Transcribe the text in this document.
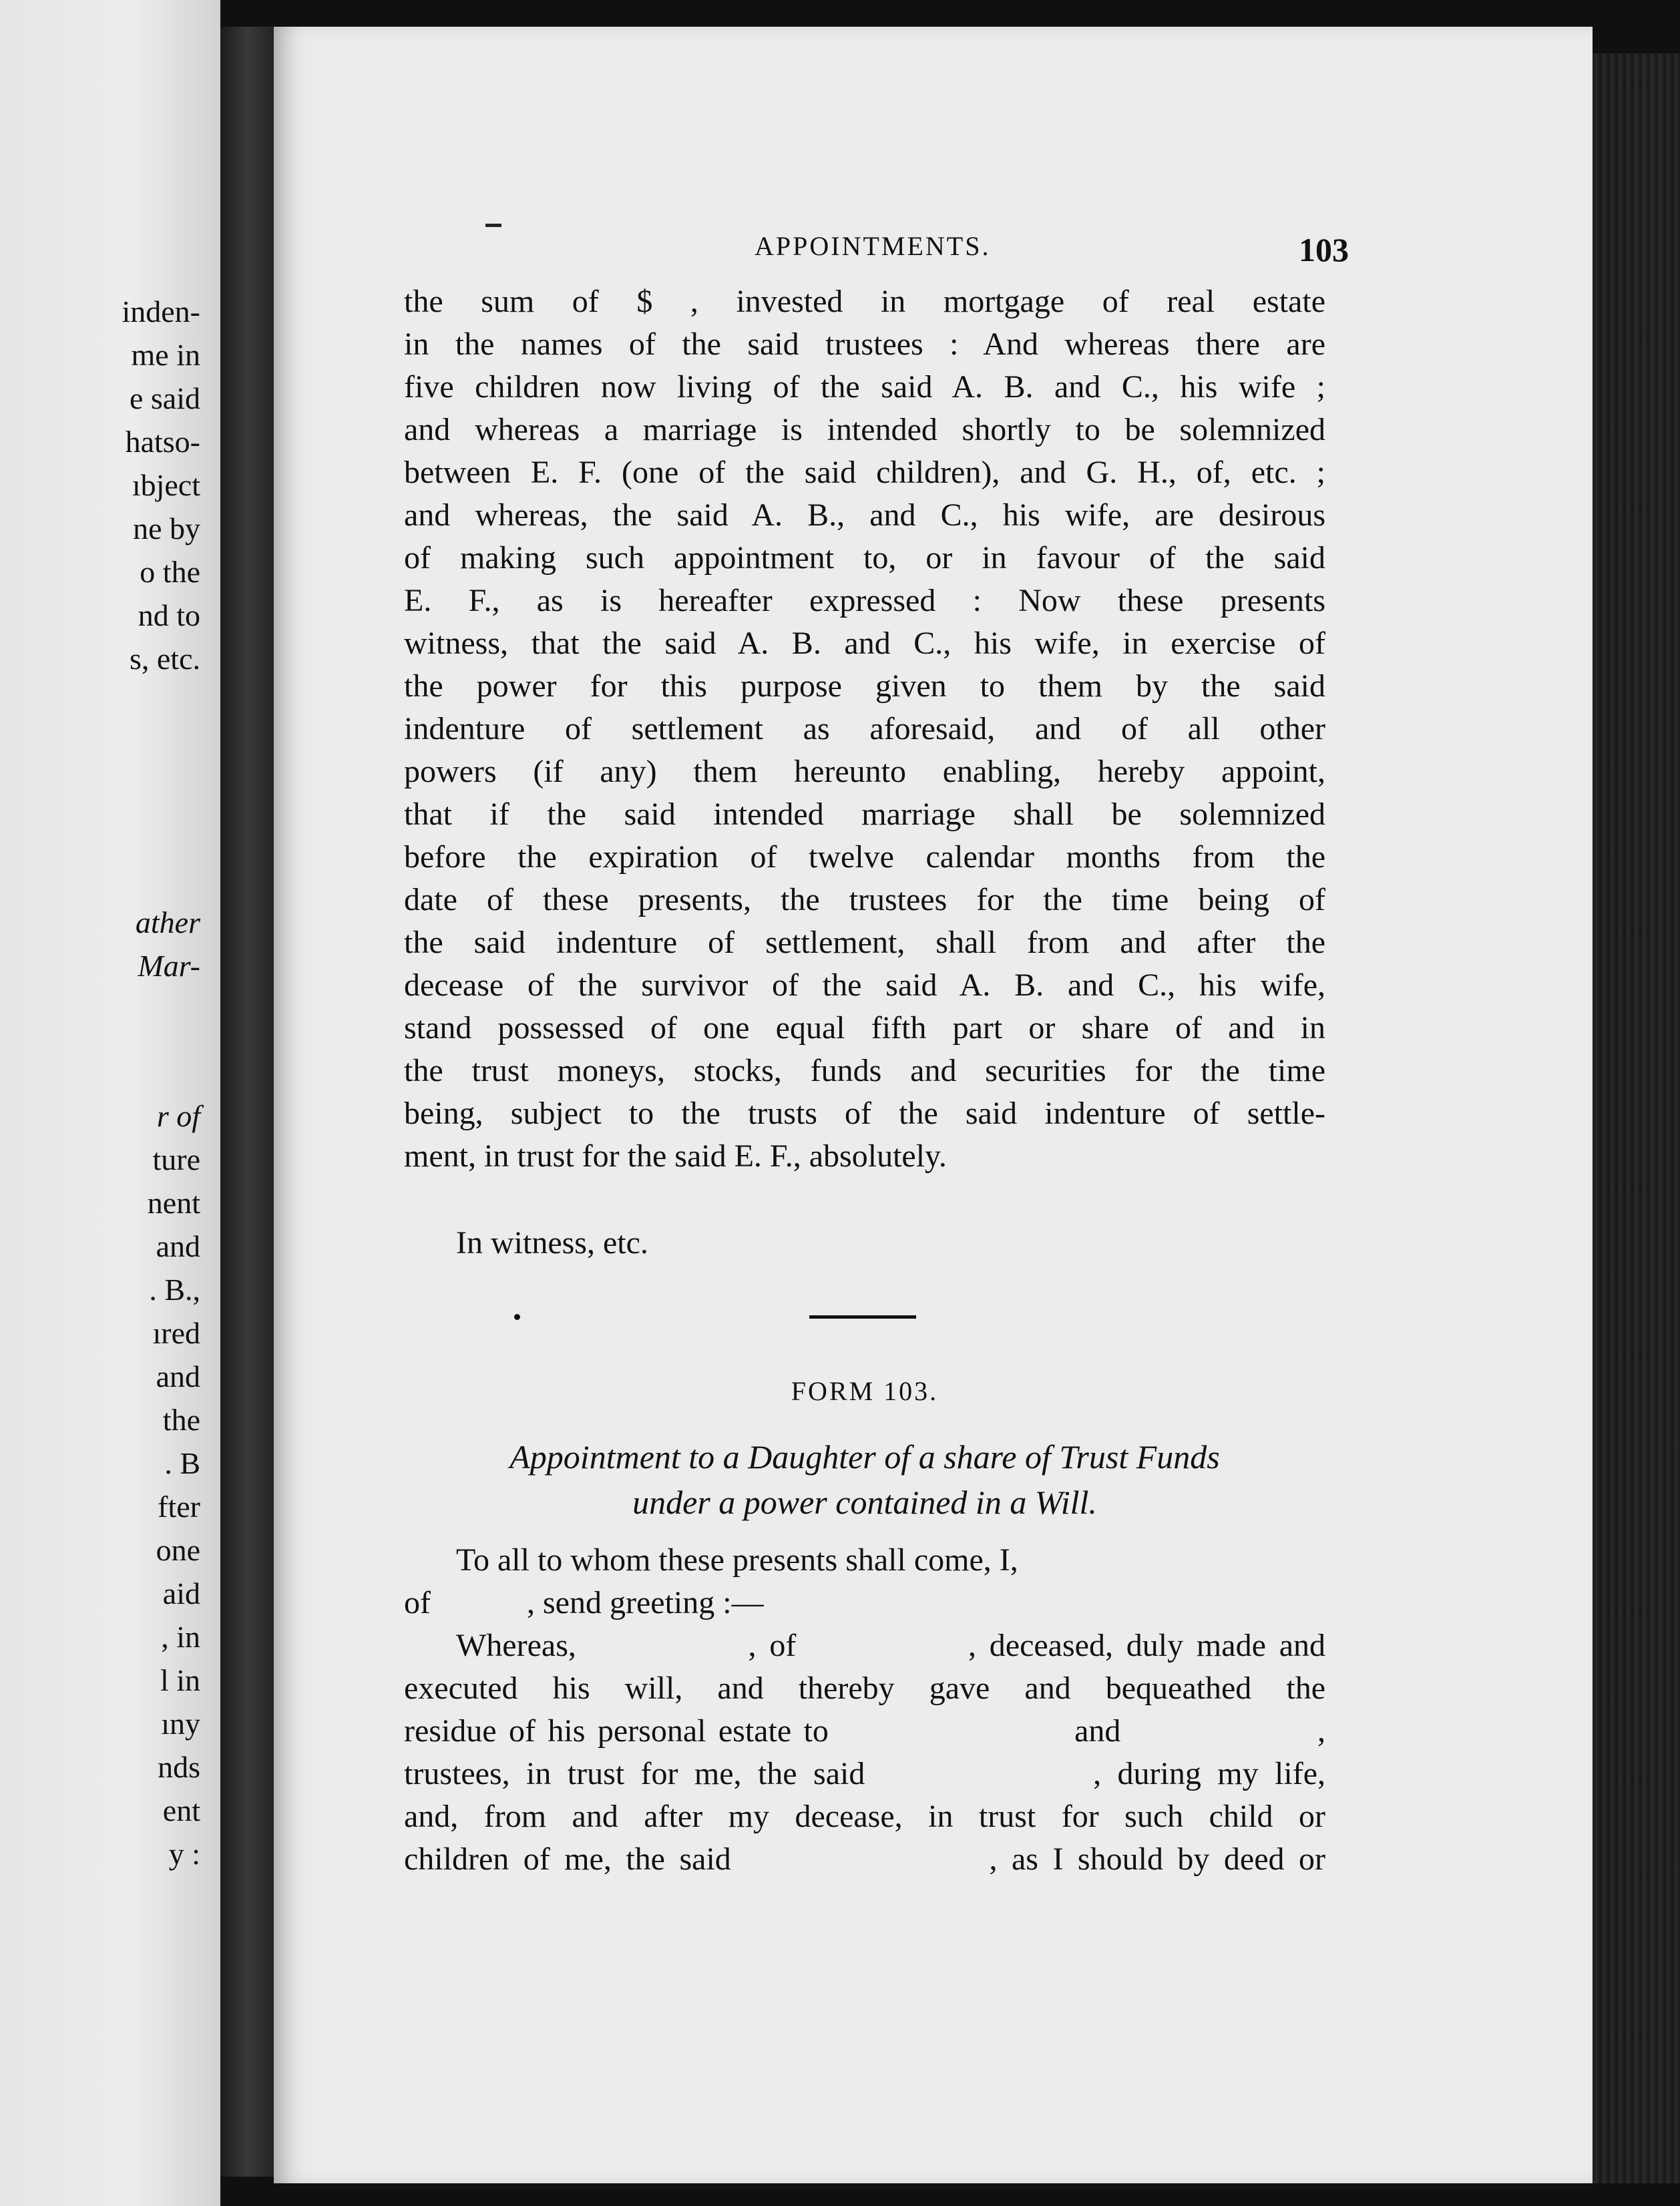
inden-
me in
e said
hatso-
ıbject
ne by
o the
nd to
s, etc.
ather
Mar-
r of
ture
nent
and
. B.,
ıred
and
the
. B
fter
one
aid
, in
l in
ıny
nds
ent
y :
APPOINTMENTS.	103
the sum of $ , invested in mortgage of real estate
in the names of the said trustees : And whereas there are
five children now living of the said A. B. and C., his wife ;
and whereas a marriage is intended shortly to be solemnized
between E. F. (one of the said children), and G. H., of, etc. ;
and whereas, the said A. B., and C., his wife, are desirous
of making such appointment to, or in favour of the said
E. F., as is hereafter expressed : Now these presents
witness, that the said A. B. and C., his wife, in exercise of
the power for this purpose given to them by the said
indenture of settlement as aforesaid, and of all other
powers (if any) them hereunto enabling, hereby appoint,
that if the said intended marriage shall be solemnized
before the expiration of twelve calendar months from the
date of these presents, the trustees for the time being of
the said indenture of settlement, shall from and after the
decease of the survivor of the said A. B. and C., his wife,
stand possessed of one equal fifth part or share of and in
the trust moneys, stocks, funds and securities for the time
being, subject to the trusts of the said indenture of settle-
ment, in trust for the said E. F., absolutely.
In witness, etc.
FORM 103.
Appointment to a Daughter of a share of Trust Funds
under a power contained in a Will.
To all to whom these presents shall come, I,
of            , send greeting :—
Whereas,             , of             , deceased, duly made and
executed his will, and thereby gave and bequeathed the
residue of his personal estate to                    and                ,
trustees, in trust for me, the said              , during my life,
and, from and after my decease, in trust for such child or
children of me, the said                  , as I should by deed or
